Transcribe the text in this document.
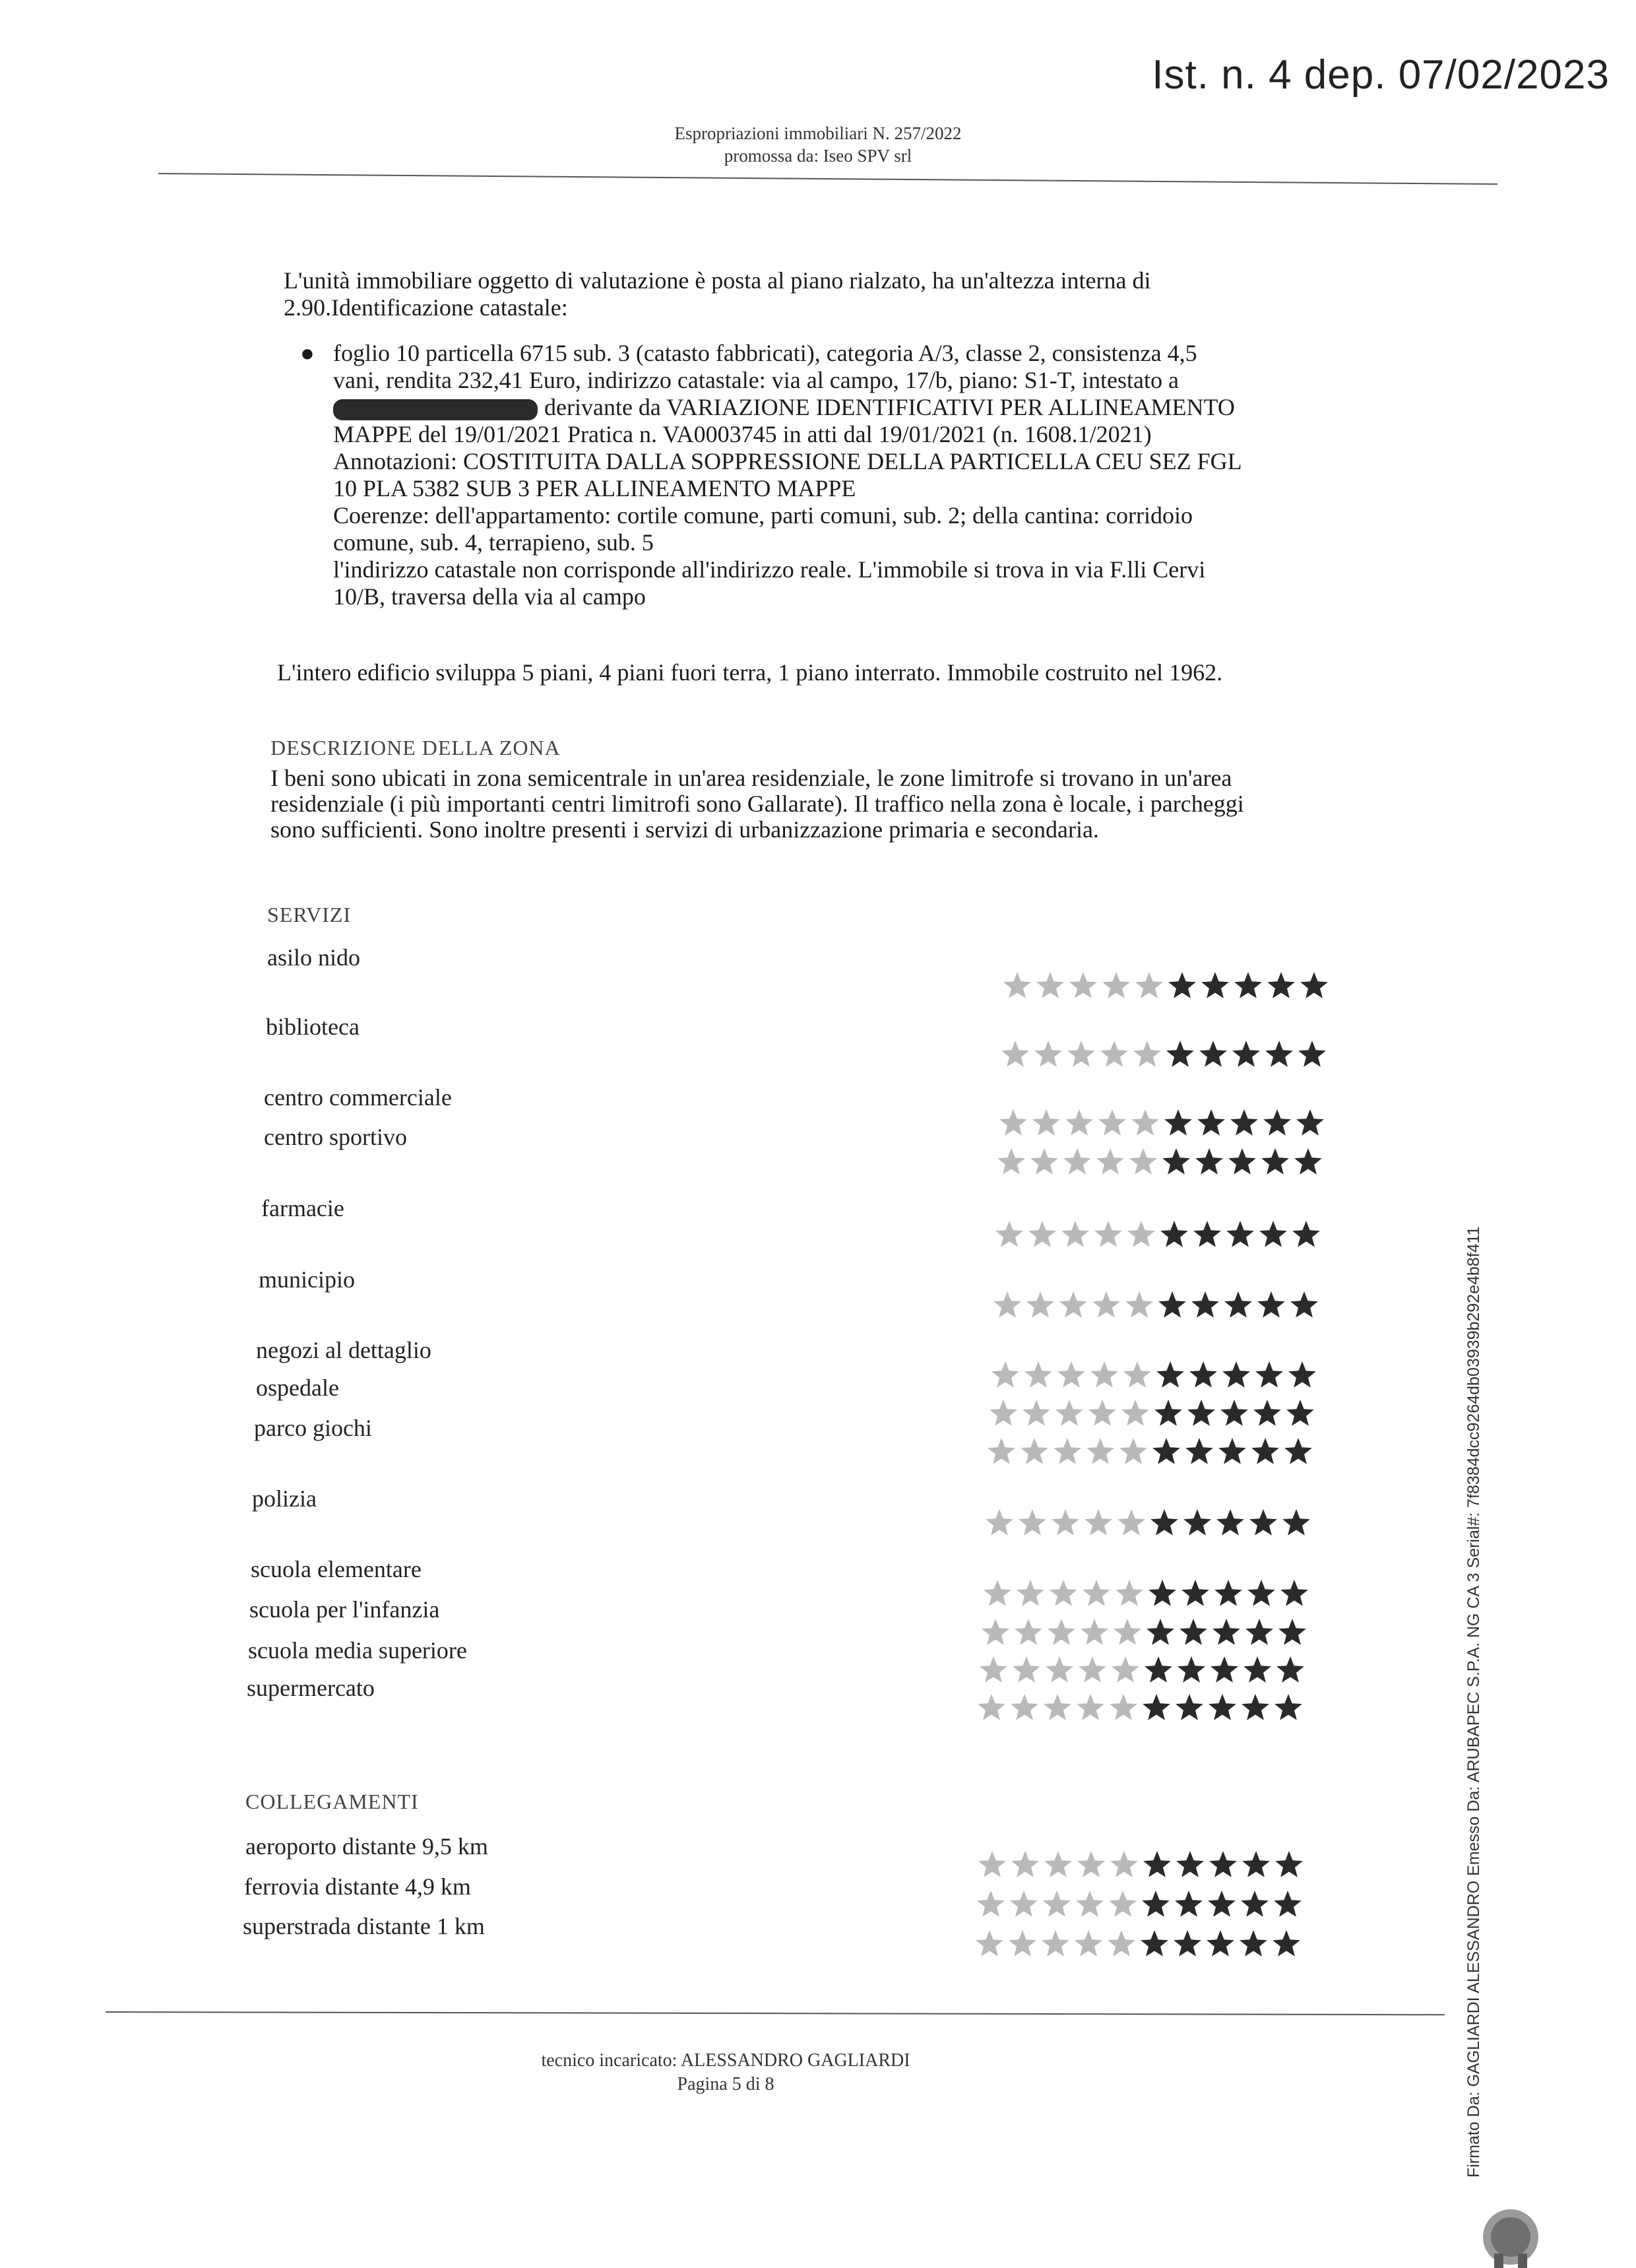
Ist. n. 4 dep. 07/02/2023
Espropriazioni immobiliari N. 257/2022
promossa da: Iseo SPV srl

L'unità immobiliare oggetto di valutazione è posta al piano rialzato, ha un'altezza interna di

2.90.Identificazione catastale:

● foglio 10 particella 6715 sub. 3 (catasto fabbricati), categoria A/3, classe 2, consistenza 4,5

vani, rendita 232,41 Euro, indirizzo catastale: via al campo, 17/b, piano: S1-T, intestato a

derivante da VARIAZIONE IDENTIFICATIVI PER ALLINEAMENTO

MAPPE del 19/01/2021 Pratica n. VA0003745 in atti dal 19/01/2021 (n. 1608.1/2021)

Annotazioni: COSTITUITA DALLA SOPPRESSIONE DELLA PARTICELLA CEU SEZ FGL

10 PLA 5382 SUB 3 PER ALLINEAMENTO MAPPE

Coerenze: dell'appartamento: cortile comune, parti comuni, sub. 2; della cantina: corridoio

comune, sub. 4, terrapieno, sub. 5

l'indirizzo catastale non corrisponde all'indirizzo reale. L'immobile si trova in via F.lli Cervi

10/B, traversa della via al campo

L'intero edificio sviluppa 5 piani, 4 piani fuori terra, 1 piano interrato. Immobile costruito nel 1962.
DESCRIZIONE DELLA ZONA
I beni sono ubicati in zona semicentrale in un'area residenziale, le zone limitrofe si trovano in un'area
residenziale (i più importanti centri limitrofi sono Gallarate). Il traffico nella zona è locale, i parcheggi
sono sufficienti. Sono inoltre presenti i servizi di urbanizzazione primaria e secondaria.
SERVIZI
asilo nido
biblioteca
centro commerciale
centro sportivo
farmacie
municipio
negozi al dettaglio
ospedale
parco giochi
polizia
scuola elementare
scuola per l'infanzia
scuola media superiore
supermercato
COLLEGAMENTI
aeroporto distante 9,5 km
ferrovia distante 4,9 km
superstrada distante 1 km
tecnico incaricato: ALESSANDRO GAGLIARDI
Pagina 5 di 8	Firmato Da: GAGLIARDI ALESSANDRO Emesso Da: ARUBAPEC S.P.A. NG CA 3 Serial#: 7f8384dcc9264db03939b292e4b8f411
